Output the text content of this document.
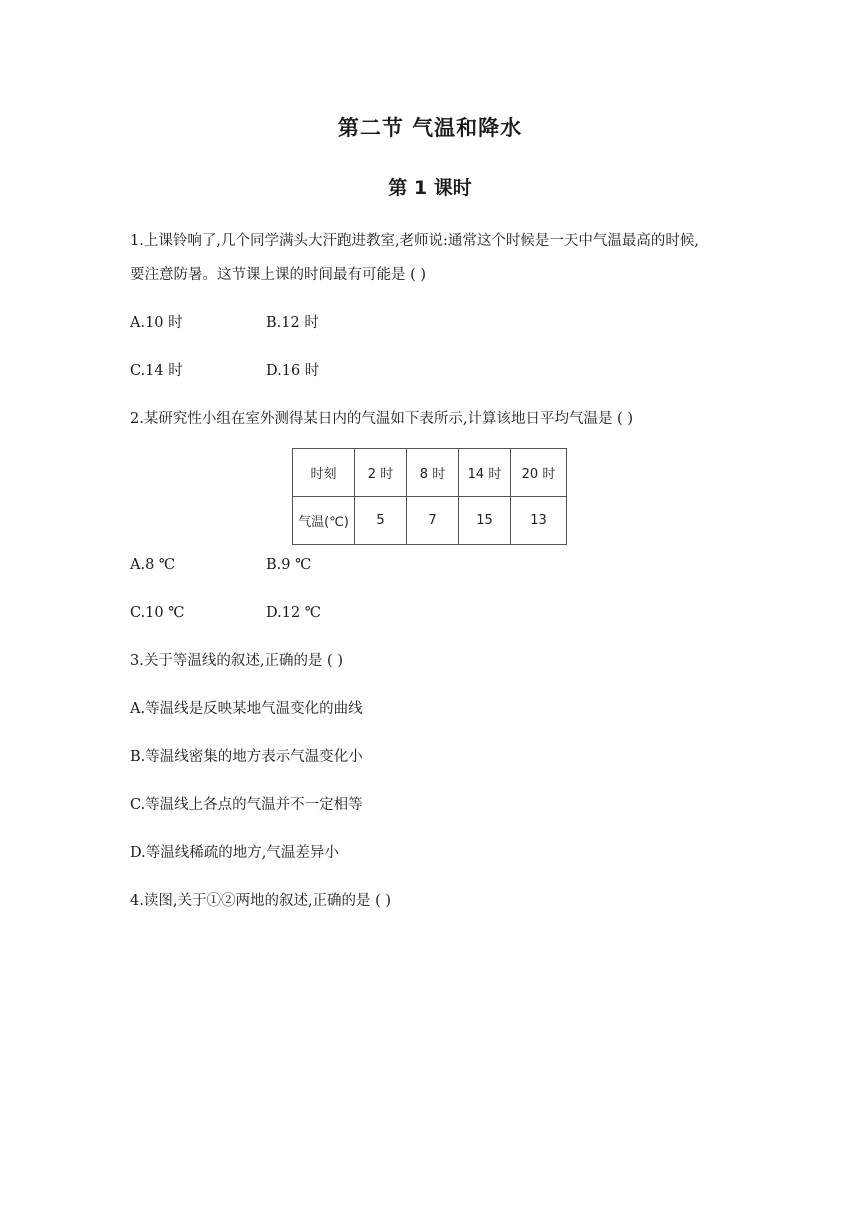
第二节 气温和降水
第 1 课时
1.上课铃响了,几个同学满头大汗跑进教室,老师说:通常这个时候是一天中气温最高的时候,
要注意防暑。这节课上课的时间最有可能是 ( )
A.10 时	B.12 时
C.14 时	D.16 时
2.某研究性小组在室外测得某日内的气温如下表所示,计算该地日平均气温是 ( )
时刻	2 时	8 时	14 时	20 时
气温(℃)	5	7	15	13
A.8 ℃	B.9 ℃
C.10 ℃	D.12 ℃
3.关于等温线的叙述,正确的是 ( )
A.等温线是反映某地气温变化的曲线
B.等温线密集的地方表示气温变化小
C.等温线上各点的气温并不一定相等
D.等温线稀疏的地方,气温差异小
4.读图,关于①②两地的叙述,正确的是 ( )
